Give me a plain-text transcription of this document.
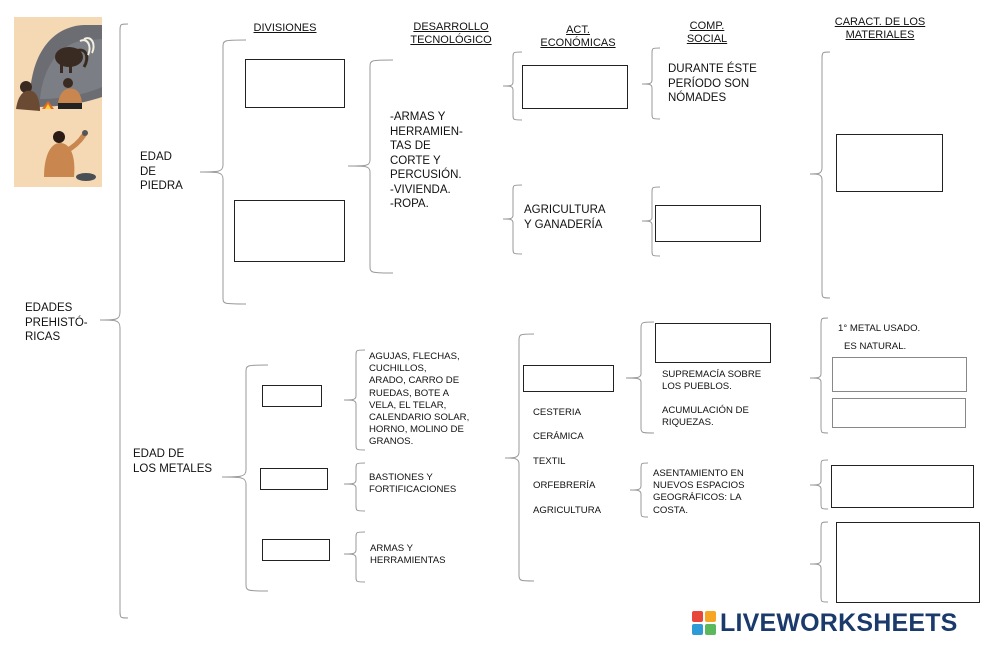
DIVISIONES	DESARROLLO
TECNOLÓGICO
ACT.
ECONÓMICAS
COMP.
SOCIAL
CARACT. DE LOS
MATERIALES
EDADES
PREHISTÓ-
RICAS
EDAD
DE
PIEDRA
-ARMAS Y
HERRAMIEN-
TAS DE
CORTE Y
PERCUSIÓN.
-VIVIENDA.
-ROPA.	AGRICULTURA
Y GANADERÍA
DURANTE ÉSTE
PERÍODO SON
NÓMADES
EDAD DE
LOS METALES
AGUJAS, FLECHAS,
CUCHILLOS,
ARADO, CARRO DE
RUEDAS, BOTE A
VELA, EL TELAR,
CALENDARIO SOLAR,
HORNO, MOLINO DE
GRANOS.
BASTIONES Y
FORTIFICACIONES
ARMAS Y
HERRAMIENTAS
CESTERIA
CERÁMICA
TEXTIL
ORFEBRERÍA
AGRICULTURA
SUPREMACÍA SOBRE
LOS PUEBLOS.
ACUMULACIÓN DE
RIQUEZAS.
ASENTAMIENTO EN
NUEVOS ESPACIOS
GEOGRÁFICOS: LA
COSTA.
1° METAL USADO.
ES NATURAL.
LIVEWORKSHEETS
